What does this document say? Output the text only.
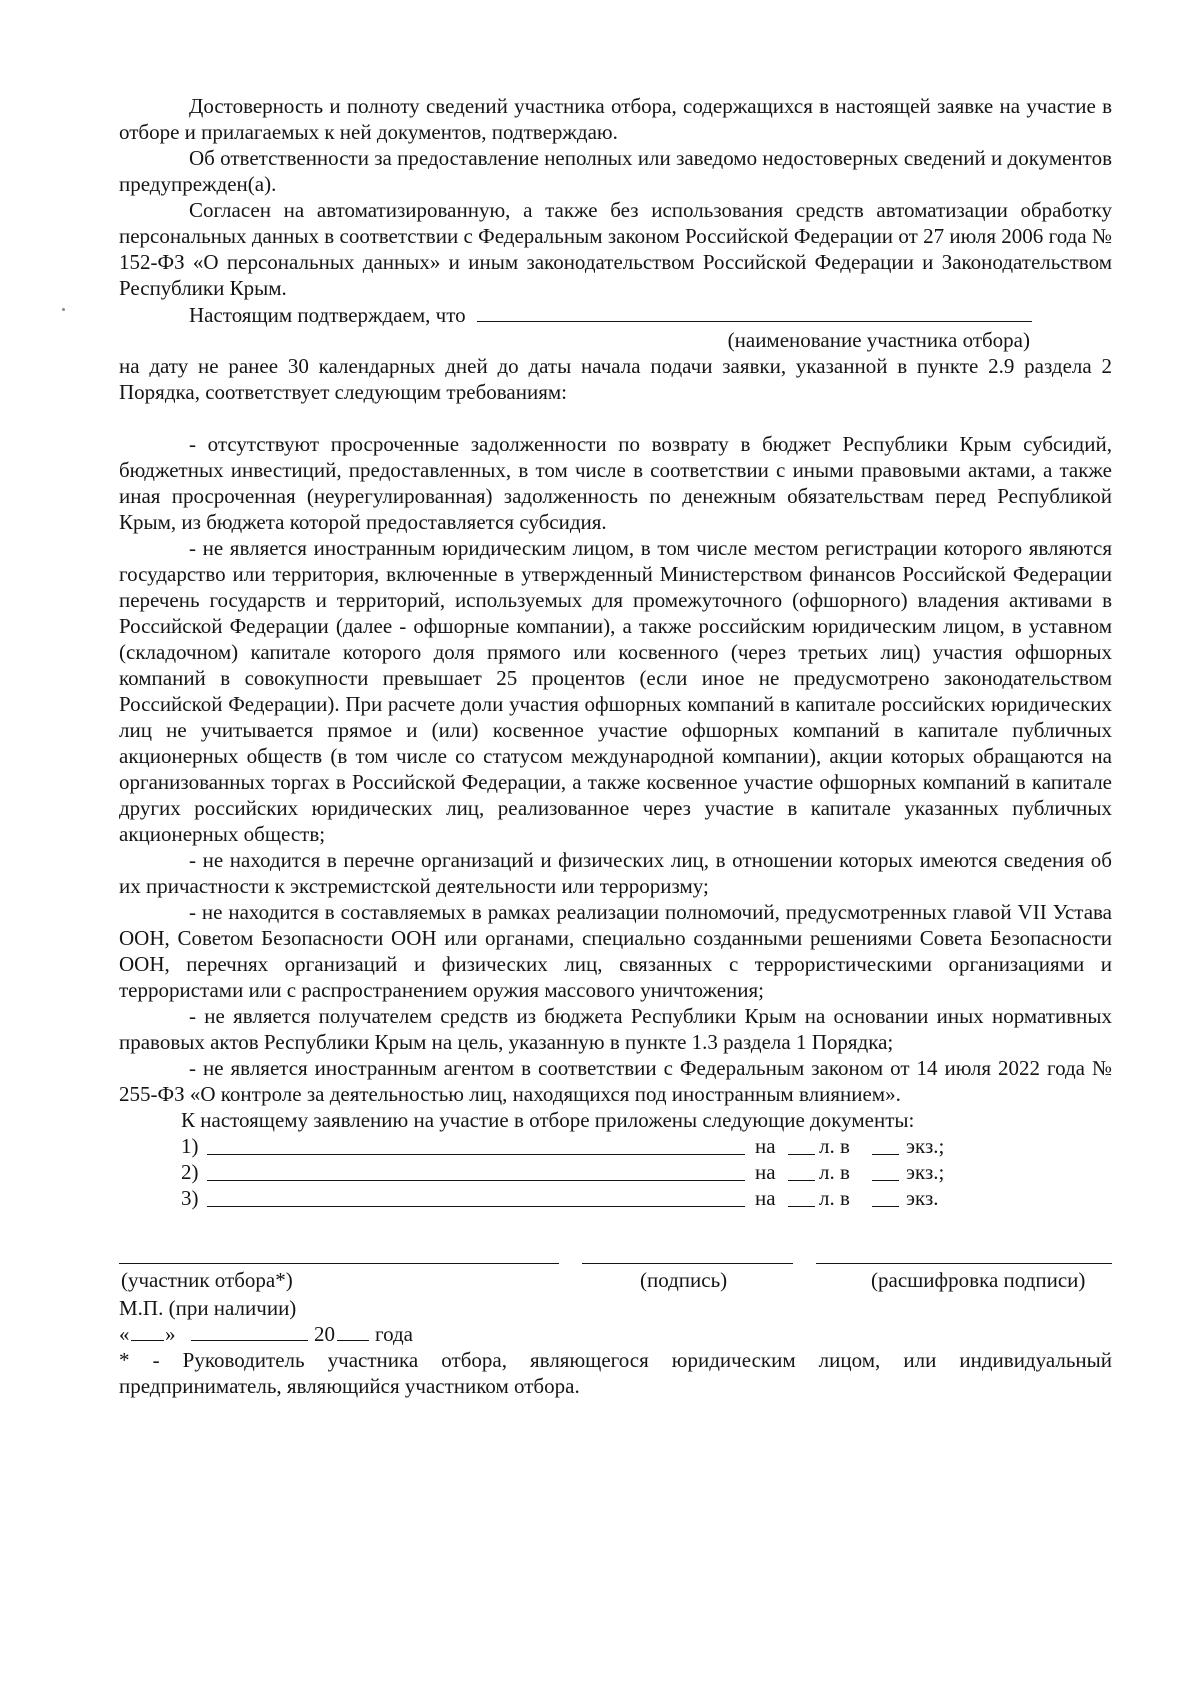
Достоверность и полноту сведений участника отбора, содержащихся в настоящей заявке на участие в отборе и прилагаемых к ней документов, подтверждаю.

Об ответственности за предоставление неполных или заведомо недостоверных сведений и документов предупрежден(а).

Согласен на автоматизированную, а также без использования средств автоматизации обработку персональных данных в соответствии с Федеральным законом Российской Федерации от 27 июля 2006 года № 152-ФЗ «О персональных данных» и иным законодательством Российской Федерации и Законодательством Республики Крым.

Настоящим подтверждаем, что
(наименование участника отбора)

на дату не ранее 30 календарных дней до даты начала подачи заявки, указанной в пункте 2.9 раздела 2 Порядка, соответствует следующим требованиям:

- отсутствуют просроченные задолженности по возврату в бюджет Республики Крым субсидий, бюджетных инвестиций, предоставленных, в том числе в соответствии с иными правовыми актами, а также иная просроченная (неурегулированная) задолженность по денежным обязательствам перед Республикой Крым, из бюджета которой предоставляется субсидия.

- не является иностранным юридическим лицом, в том числе местом регистрации которого являются государство или территория, включенные в утвержденный Министерством финансов Российской Федерации перечень государств и территорий, используемых для промежуточного (офшорного) владения активами в Российской Федерации (далее - офшорные компании), а также российским юридическим лицом, в уставном (складочном) капитале которого доля прямого или косвенного (через третьих лиц) участия офшорных компаний в совокупности превышает 25 процентов (если иное не предусмотрено законодательством Российской Федерации). При расчете доли участия офшорных компаний в капитале российских юридических лиц не учитывается прямое и (или) косвенное участие офшорных компаний в капитале публичных акционерных обществ (в том числе со статусом международной компании), акции которых обращаются на организованных торгах в Российской Федерации, а также косвенное участие офшорных компаний в капитале других российских юридических лиц, реализованное через участие в капитале указанных публичных акционерных обществ;

- не находится в перечне организаций и физических лиц, в отношении которых имеются сведения об их причастности к экстремистской деятельности или терроризму;

- не находится в составляемых в рамках реализации полномочий, предусмотренных главой VII Устава ООН, Советом Безопасности ООН или органами, специально созданными решениями Совета Безопасности ООН, перечнях организаций и физических лиц, связанных с террористическими организациями и террористами или с распространением оружия массового уничтожения;

- не является получателем средств из бюджета Республики Крым на основании иных нормативных правовых актов Республики Крым на цель, указанную в пункте 1.3 раздела 1 Порядка;

- не является иностранным агентом в соответствии с Федеральным законом от 14 июля 2022 года № 255-ФЗ «О контроле за деятельностью лиц, находящихся под иностранным влиянием».

К настоящему заявлению на участие в отборе приложены следующие документы:

1)	на л. в	экз.;
2)	на л. в	экз.;
3)	на л. в	экз.
(участник отбора*)	(подпись)	(расшифровка подписи)
М.П. (при наличии)
« »	20 года

* - Руководитель участника отбора, являющегося юридическим лицом, или индивидуальный предприниматель, являющийся участником отбора.
